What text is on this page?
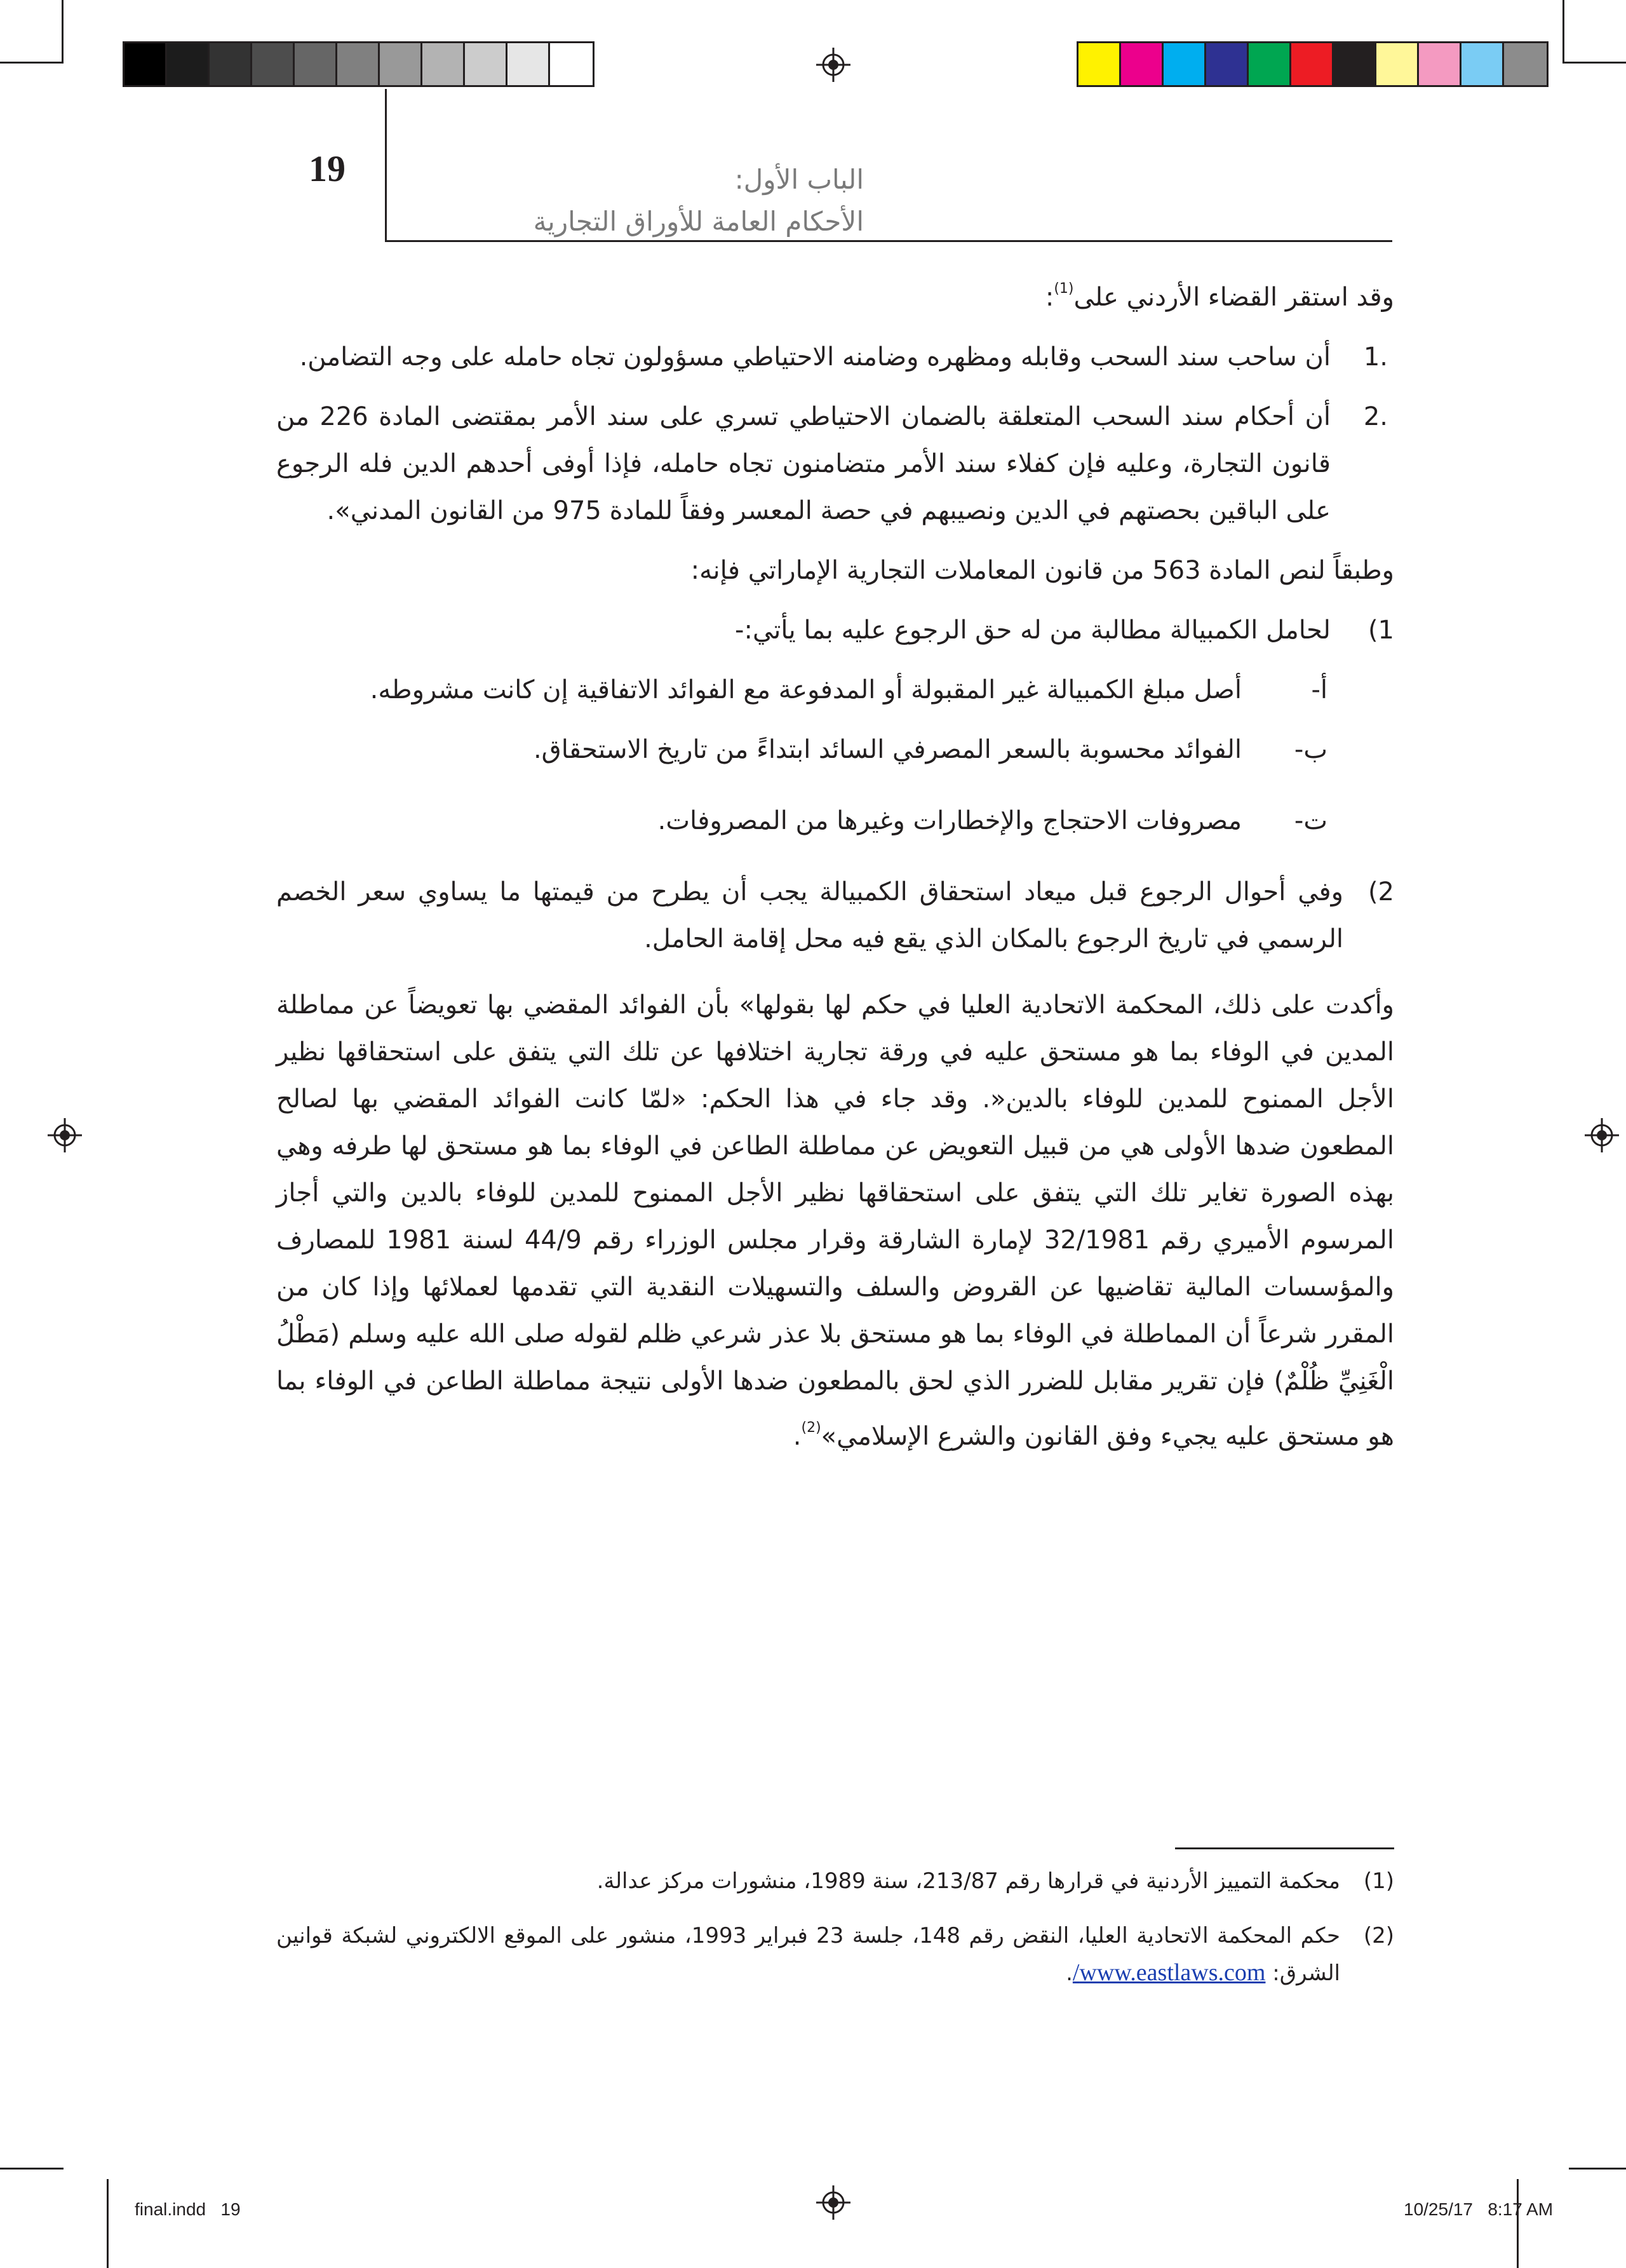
19	الباب الأول:
الأحكام العامة للأوراق التجارية
وقد استقر القضاء الأردني على$^{(1)}$:
.1
أن ساحب سند السحب وقابله ومظهره وضامنه الاحتياطي مسؤولون تجاه حامله على وجه التضامن.
.2
أن أحكام سند السحب المتعلقة بالضمان الاحتياطي تسري على سند الأمر بمقتضى المادة 226 من قانون التجارة، وعليه فإن كفلاء سند الأمر متضامنون تجاه حامله، فإذا أوفى أحدهم الدين فله الرجوع على الباقين بحصتهم في الدين ونصيبهم في حصة المعسر وفقاً للمادة 975 من القانون المدني».
وطبقاً لنص المادة 563 من قانون المعاملات التجارية الإماراتي فإنه:
1)
لحامل الكمبيالة مطالبة من له حق الرجوع عليه بما يأتي:-
أ-
أصل مبلغ الكمبيالة غير المقبولة أو المدفوعة مع الفوائد الاتفاقية إن كانت مشروطه.
ب-
الفوائد محسوبة بالسعر المصرفي السائد ابتداءً من تاريخ الاستحقاق.
ت-
مصروفات الاحتجاج والإخطارات وغيرها من المصروفات.
2)
وفي أحوال الرجوع قبل ميعاد استحقاق الكمبيالة يجب أن يطرح من قيمتها ما يساوي سعر الخصم الرسمي في تاريخ الرجوع بالمكان الذي يقع فيه محل إقامة الحامل.
وأكدت على ذلك، المحكمة الاتحادية العليا في حكم لها بقولها» بأن الفوائد المقضي بها تعويضاً عن مماطلة المدين في الوفاء بما هو مستحق عليه في ورقة تجارية اختلافها عن تلك التي يتفق على استحقاقها نظير الأجل الممنوح للمدين للوفاء بالدين«. وقد جاء في هذا الحكم: «لمّا كانت الفوائد المقضي بها لصالح المطعون ضدها الأولى هي من قبيل التعويض عن مماطلة الطاعن في الوفاء بما هو مستحق لها طرفه وهي بهذه الصورة تغاير تلك التي يتفق على استحقاقها نظير الأجل الممنوح للمدين للوفاء بالدين والتي أجاز المرسوم الأميري رقم 32/1981 لإمارة الشارقة وقرار مجلس الوزراء رقم 44/9 لسنة 1981 للمصارف والمؤسسات المالية تقاضيها عن القروض والسلف والتسهيلات النقدية التي تقدمها لعملائها وإذا كان من المقرر شرعاً أن المماطلة في الوفاء بما هو مستحق بلا عذر شرعي ظلم لقوله صلى الله عليه وسلم (مَطْلُ الْغَنِيِّ ظُلْمٌ) فإن تقرير مقابل للضرر الذي لحق بالمطعون ضدها الأولى نتيجة مماطلة الطاعن في الوفاء بما هو مستحق عليه يجيء وفق القانون والشرع الإسلامي»$^{(2)}$.
(1)
محكمة التمييز الأردنية في قرارها رقم 213/87، سنة 1989، منشورات مركز عدالة.
(2)
حكم المحكمة الاتحادية العليا، النقض رقم 148، جلسة 23 فبراير 1993، منشور على الموقع الالكتروني لشبكة قوانين الشرق: www.eastlaws.com/.
final.indd   19	10/25/17   8:17 AM
